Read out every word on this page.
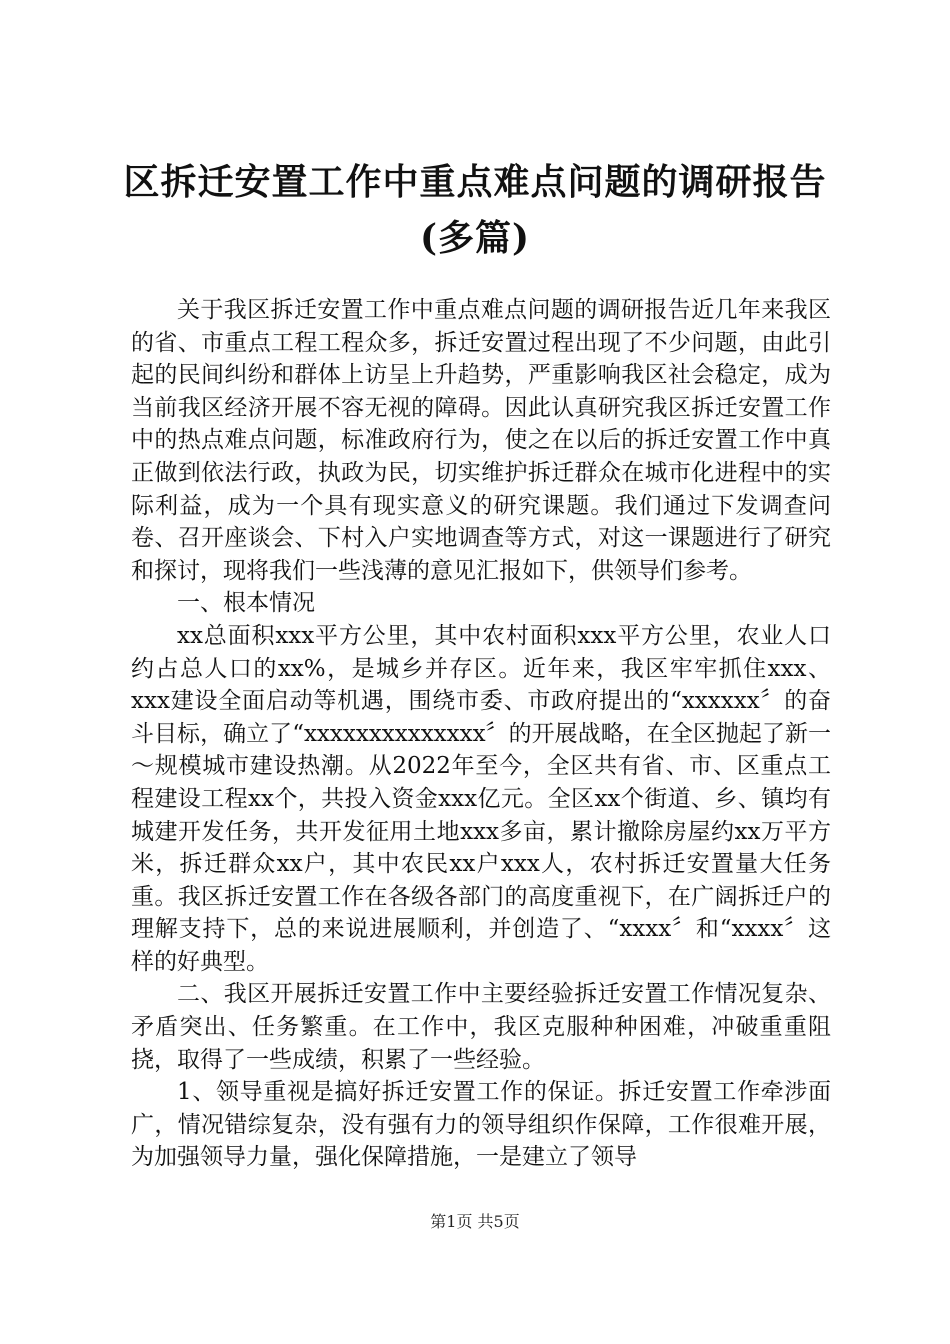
区拆迁安置工作中重点难点问题的调研报告
(多篇)

关于我区拆迁安置工作中重点难点问题的调研报告近几年来我区的省、市重点工程工程众多，拆迁安置过程出现了不少问题，由此引起的民间纠纷和群体上访呈上升趋势，严重影响我区社会稳定，成为当前我区经济开展不容无视的障碍。因此认真研究我区拆迁安置工作中的热点难点问题，标准政府行为，使之在以后的拆迁安置工作中真正做到依法行政，执政为民，切实维护拆迁群众在城市化进程中的实际利益，成为一个具有现实意义的研究课题。我们通过下发调查问卷、召开座谈会、下村入户实地调查等方式，对这一课题进行了研究和探讨，现将我们一些浅薄的意见汇报如下，供领导们参考。

一、根本情况

xx总面积xxx平方公里，其中农村面积xxx平方公里，农业人口约占总人口的xx%，是城乡并存区。近年来，我区牢牢抓住xxx、xxx建设全面启动等机遇，围绕市委、市政府提出的“xxxxxx〞的奋斗目标，确立了“xxxxxxxxxxxxxx〞的开展战略，在全区抛起了新一～规模城市建设热潮。从2022年至今，全区共有省、市、区重点工程建设工程xx个，共投入资金xxx亿元。全区xx个街道、乡、镇均有城建开发任务，共开发征用土地xxx多亩，累计撤除房屋约xx万平方米，拆迁群众xx户，其中农民xx户xxx人，农村拆迁安置量大任务重。我区拆迁安置工作在各级各部门的高度重视下，在广阔拆迁户的理解支持下，总的来说进展顺利，并创造了、“xxxx〞和“xxxx〞这样的好典型。

二、我区开展拆迁安置工作中主要经验拆迁安置工作情况复杂、矛盾突出、任务繁重。在工作中，我区克服种种困难，冲破重重阻挠，取得了一些成绩，积累了一些经验。

1、领导重视是搞好拆迁安置工作的保证。拆迁安置工作牵涉面广，情况错综复杂，没有强有力的领导组织作保障，工作很难开展，为加强领导力量，强化保障措施，一是建立了领导

第1页 共5页
